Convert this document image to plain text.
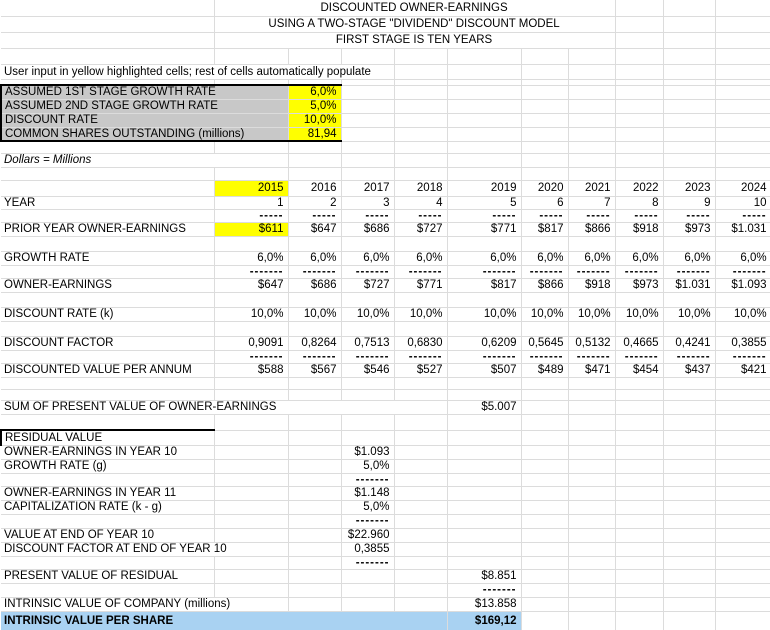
	DISCOUNTED OWNER-EARNINGS									
	USING A TWO-STAGE "DIVIDEND" DISCOUNT MODEL									
	FIRST STAGE IS TEN YEARS									

User input in yellow highlighted cells; rest of cells automatically populate										

ASSUMED 1ST STAGE GROWTH RATE		6,0%								
ASSUMED 2ND STAGE GROWTH RATE		5,0%								
DISCOUNT RATE		10,0%								
COMMON SHARES OUTSTANDING (millions)		81,94								

Dollars = Millions										

	2015	2016	2017	2018	2019	2020	2021	2022	2023	2024
YEAR	1	2	3	4	5	6	7	8	9	10
	-----	-----	-----	-----	-----	-----	-----	-----	-----	-----
PRIOR YEAR OWNER-EARNINGS	$611	$647	$686	$727	$771	$817	$866	$918	$973	$1.031

GROWTH RATE	6,0%	6,0%	6,0%	6,0%	6,0%	6,0%	6,0%	6,0%	6,0%	6,0%
	-------	-------	-------	-------	-------	-------	-------	-------	-------	-------
OWNER-EARNINGS	$647	$686	$727	$771	$817	$866	$918	$973	$1.031	$1.093

DISCOUNT RATE (k)	10,0%	10,0%	10,0%	10,0%	10,0%	10,0%	10,0%	10,0%	10,0%	10,0%

DISCOUNT FACTOR	0,9091	0,8264	0,7513	0,6830	0,6209	0,5645	0,5132	0,4665	0,4241	0,3855
	-------	-------	-------	-------	-------	-------	-------	-------	-------	-------
DISCOUNTED VALUE PER ANNUM	$588	$567	$546	$527	$507	$489	$471	$454	$437	$421

SUM OF PRESENT VALUE OF OWNER-EARNINGS					$5.007					

RESIDUAL VALUE										
OWNER-EARNINGS IN YEAR 10			$1.093							
GROWTH RATE (g)			5,0%							
			-------							
OWNER-EARNINGS IN YEAR 11			$1.148							
CAPITALIZATION RATE (k - g)			5,0%							
			-------							
VALUE AT END OF YEAR 10			$22.960							
DISCOUNT FACTOR AT END OF YEAR 10			0,3855							
			-------							
PRESENT VALUE OF RESIDUAL					$8.851					
					-------					
INTRINSIC VALUE OF COMPANY (millions)					$13.858					
INTRINSIC VALUE PER SHARE					$169,12					
